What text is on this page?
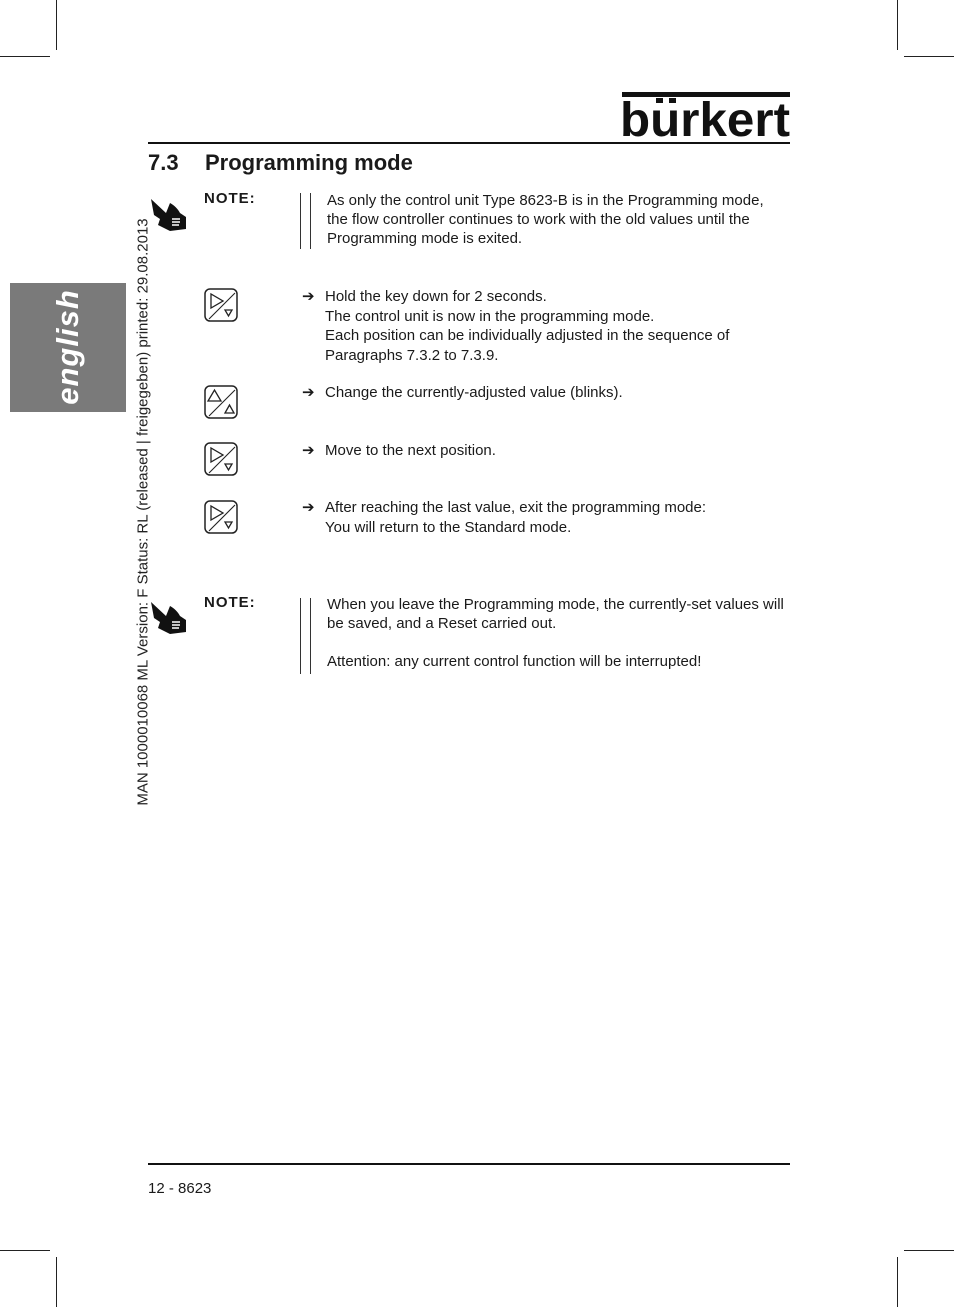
burkert
7.3 Programming mode
english	MAN 1000010068 ML Version: F Status: RL (released | freigegeben) printed: 29.08.2013
NOTE:	As only the control unit Type 8623-B is in the Programming mode, the flow controller continues to work with the old values until the Programming mode is exited.

➔ Hold the key down for 2 seconds.
The control unit is now in the programming mode.
Each position can be individually adjusted in the sequence of Paragraphs 7.3.2 to 7.3.9.
➔ Change the currently-adjusted value (blinks).
➔ Move to the next position.
➔ After reaching the last value, exit the programming mode:
You will return to the Standard mode.
NOTE:	When you leave the Programming mode, the currently-set values will be saved, and a Reset carried out.

Attention: any current control function will be interrupted!

12 - 8623
